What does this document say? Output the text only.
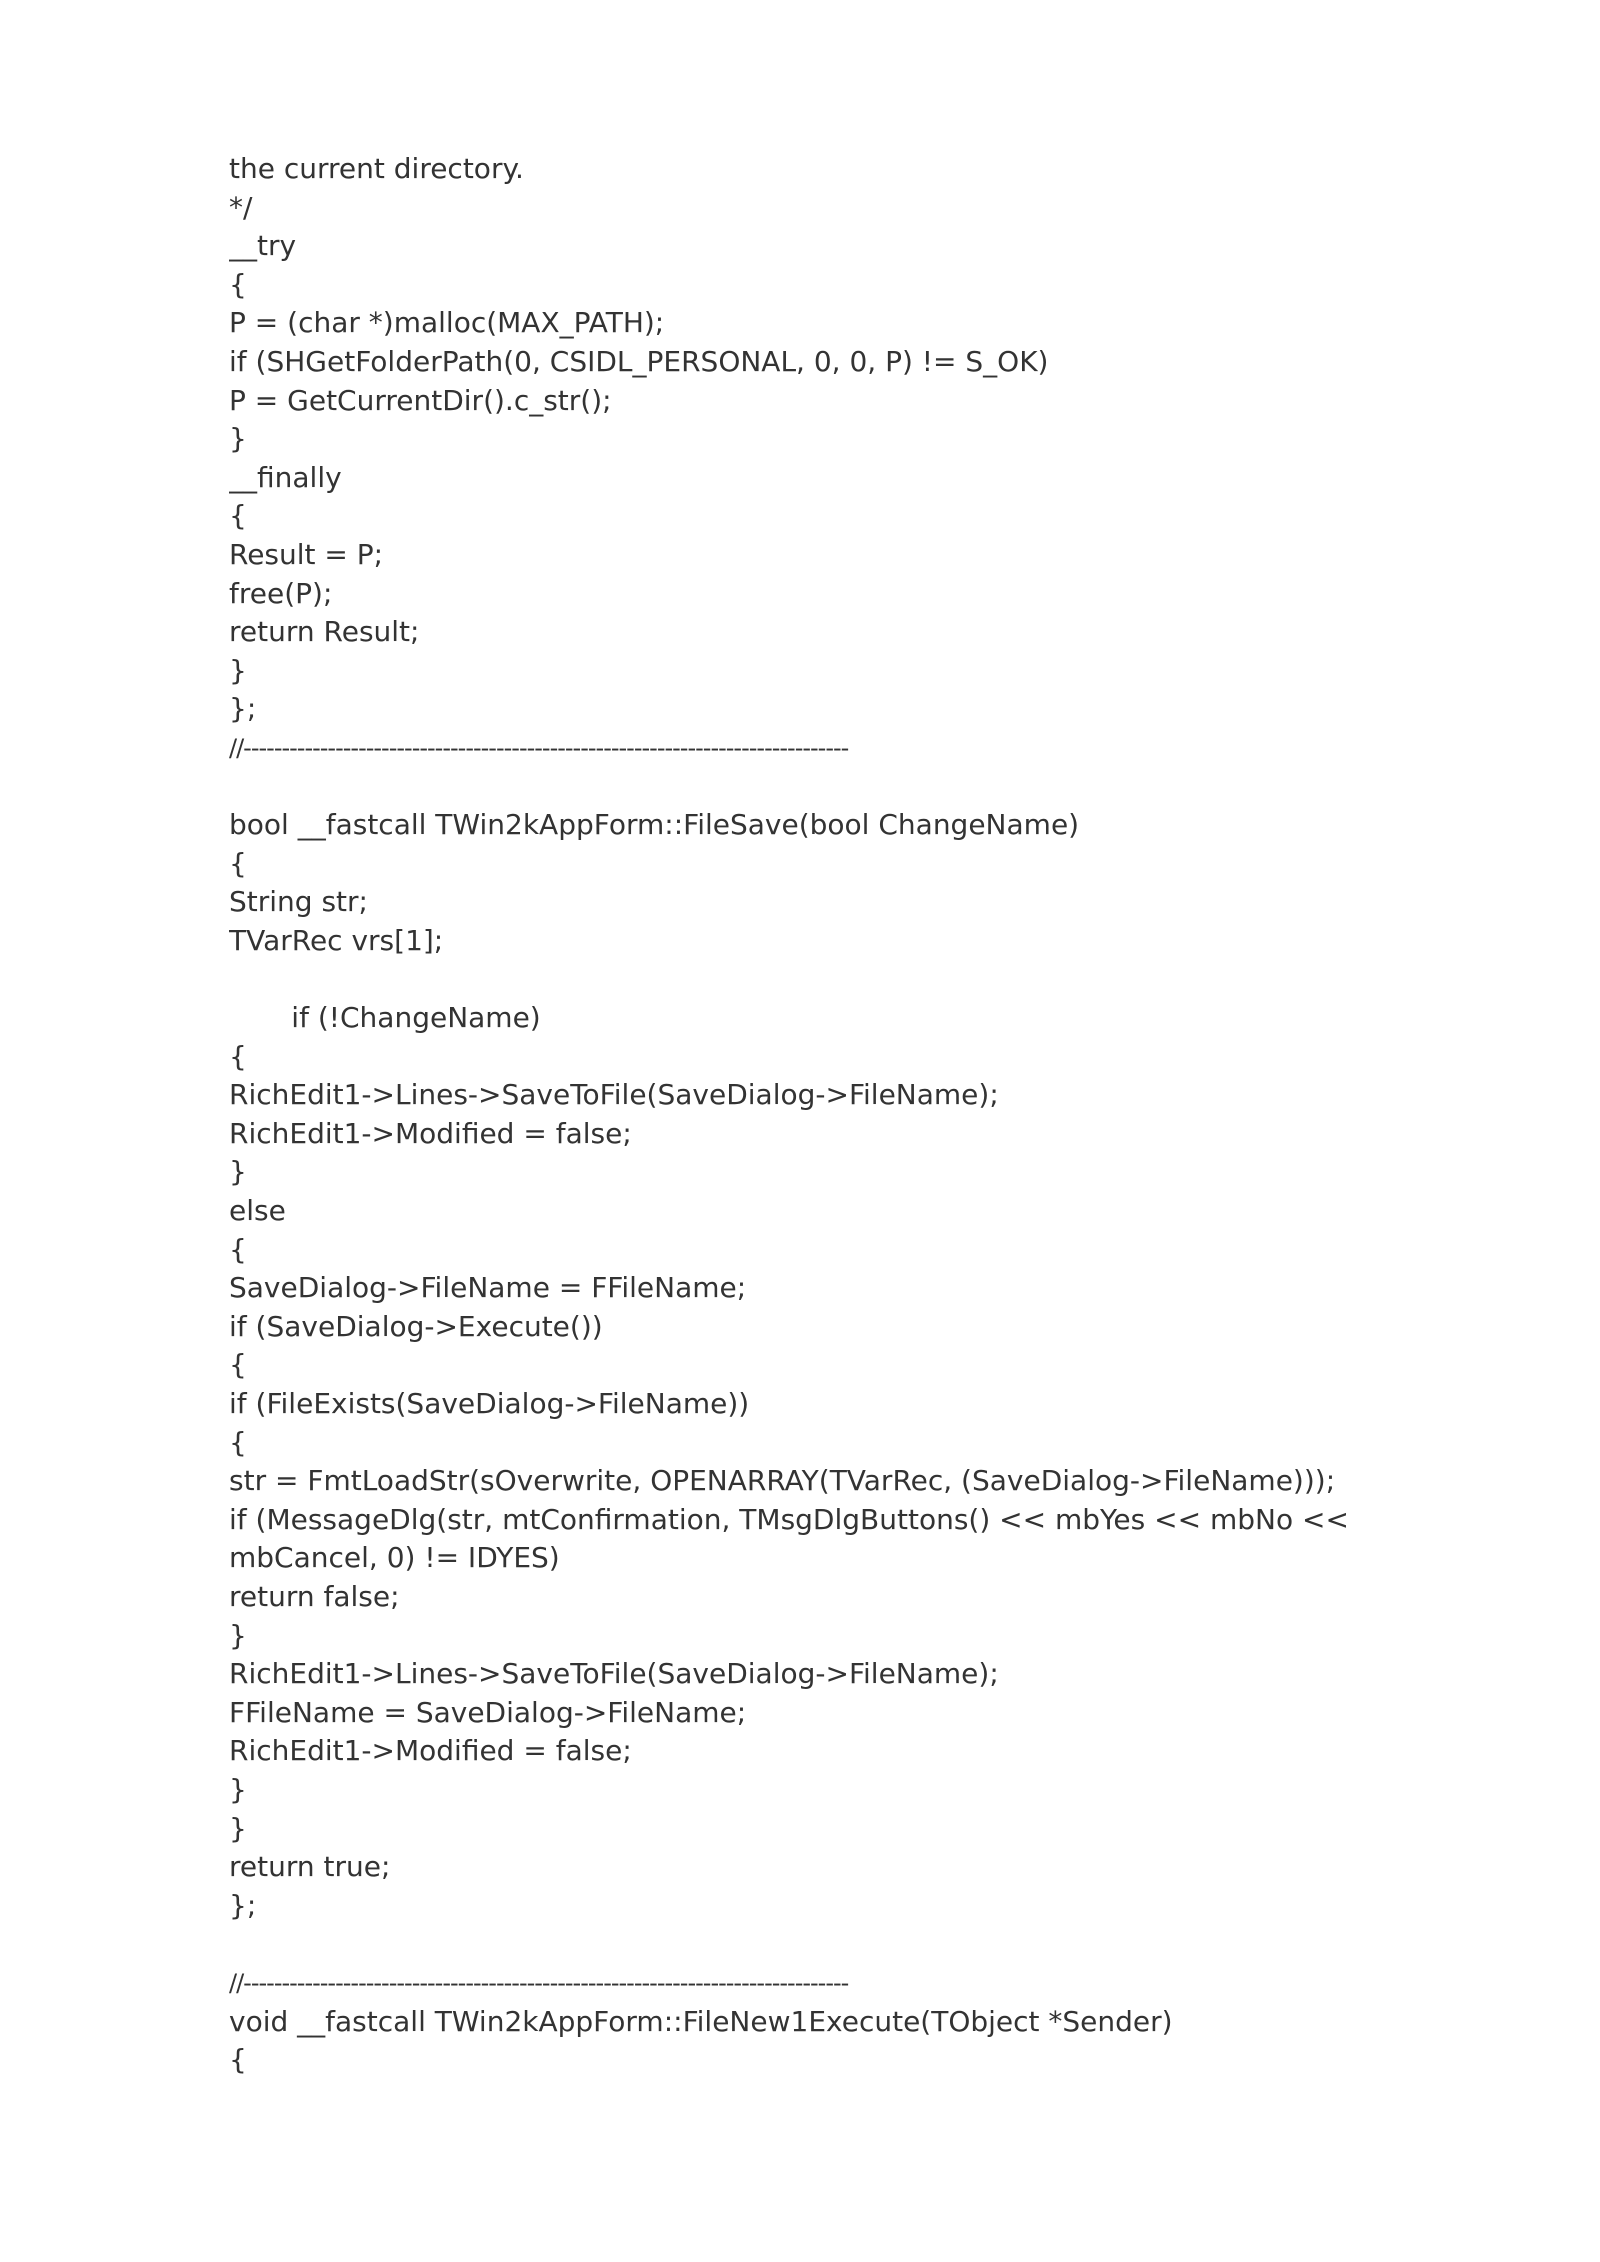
the current directory.
*/
__try
{
P = (char *)malloc(MAX_PATH);
if (SHGetFolderPath(0, CSIDL_PERSONAL, 0, 0, P) != S_OK)
P = GetCurrentDir().c_str();
}
__finally
{
Result = P;
free(P);
return Result;
}
};
//-------------------------------------------------------------------------------
bool __fastcall TWin2kAppForm::FileSave(bool ChangeName)
{
String str;
TVarRec vrs[1];
if (!ChangeName)
{
RichEdit1->Lines->SaveToFile(SaveDialog->FileName);
RichEdit1->Modified = false;
}
else
{
SaveDialog->FileName = FFileName;
if (SaveDialog->Execute())
{
if (FileExists(SaveDialog->FileName))
{
str = FmtLoadStr(sOverwrite, OPENARRAY(TVarRec, (SaveDialog->FileName)));
if (MessageDlg(str, mtConfirmation, TMsgDlgButtons() << mbYes << mbNo <<
mbCancel, 0) != IDYES)
return false;
}
RichEdit1->Lines->SaveToFile(SaveDialog->FileName);
FFileName = SaveDialog->FileName;
RichEdit1->Modified = false;
}
}
return true;
};
//-------------------------------------------------------------------------------
void __fastcall TWin2kAppForm::FileNew1Execute(TObject *Sender)
{
